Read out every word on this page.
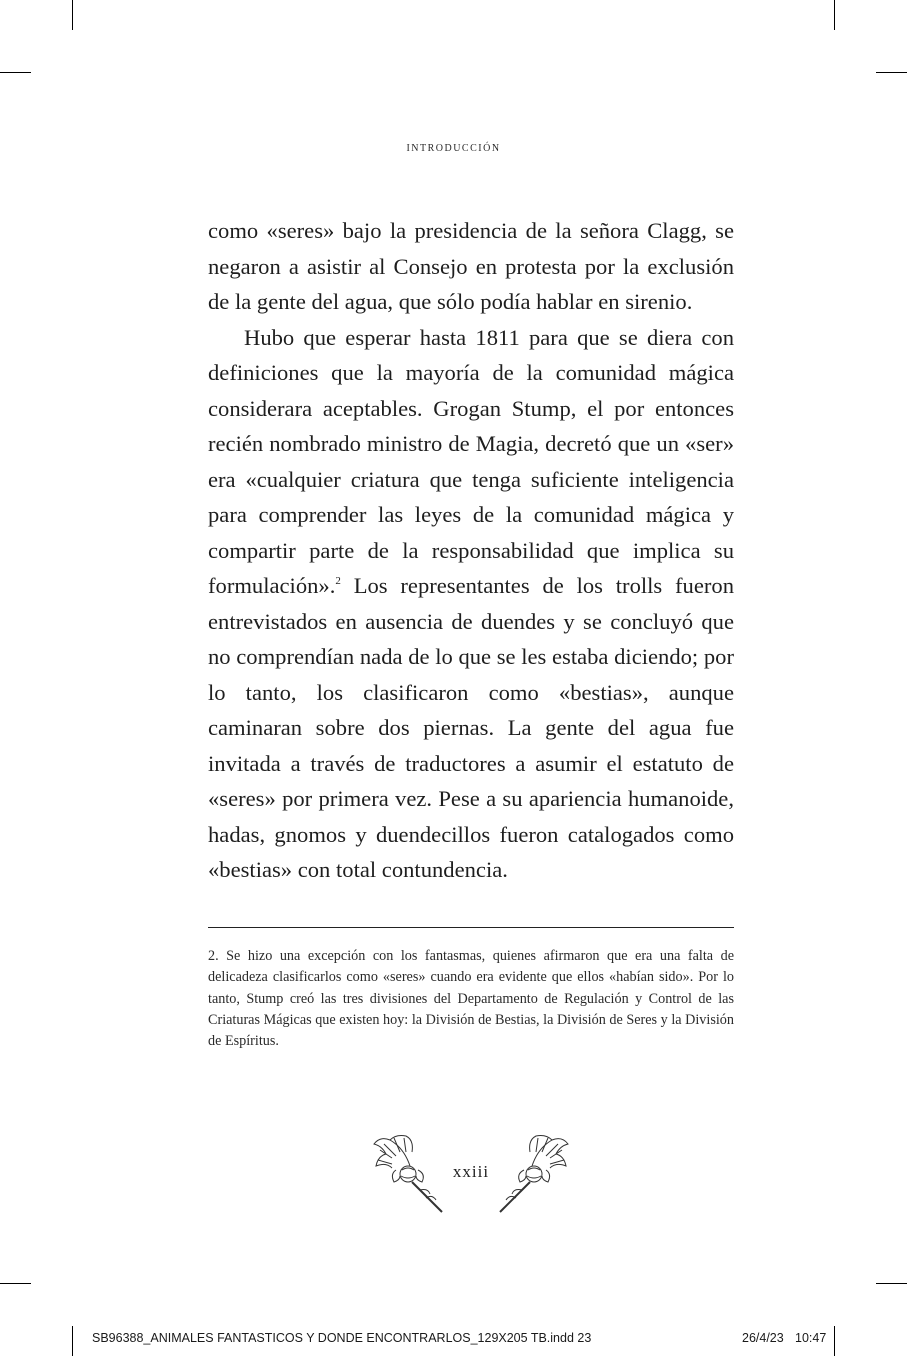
introducción

como «seres» bajo la presidencia de la señora Clagg, se negaron a asistir al Consejo en protesta por la exclusión de la gente del agua, que sólo podía hablar en sirenio.

Hubo que esperar hasta 1811 para que se diera con definiciones que la mayoría de la comunidad mágica considerara aceptables. Grogan Stump, el por entonces recién nombrado ministro de Magia, decretó que un «ser» era «cualquier criatura que tenga suficiente inteligencia para comprender las leyes de la comunidad mágica y compartir parte de la responsabilidad que implica su formulación».$^2$ Los representantes de los trolls fueron entrevistados en ausencia de duendes y se concluyó que no comprendían nada de lo que se les estaba diciendo; por lo tanto, los clasificaron como «bestias», aunque caminaran sobre dos piernas. La gente del agua fue invitada a través de traductores a asumir el estatuto de «seres» por primera vez. Pese a su apariencia humanoide, hadas, gnomos y duendecillos fueron catalogados como «bestias» con total contundencia.

2. Se hizo una excepción con los fantasmas, quienes afirmaron que era una falta de delicadeza clasificarlos como «seres» cuando era evidente que ellos «habían sido». Por lo tanto, Stump creó las tres divisiones del Departamento de Regulación y Control de las Criaturas Mágicas que existen hoy: la División de Bestias, la División de Seres y la División de Espíritus.

xxiii
SB96388_ANIMALES FANTASTICOS Y DONDE ENCONTRARLOS_129X205 TB.indd 23	26/4/23 10:47
